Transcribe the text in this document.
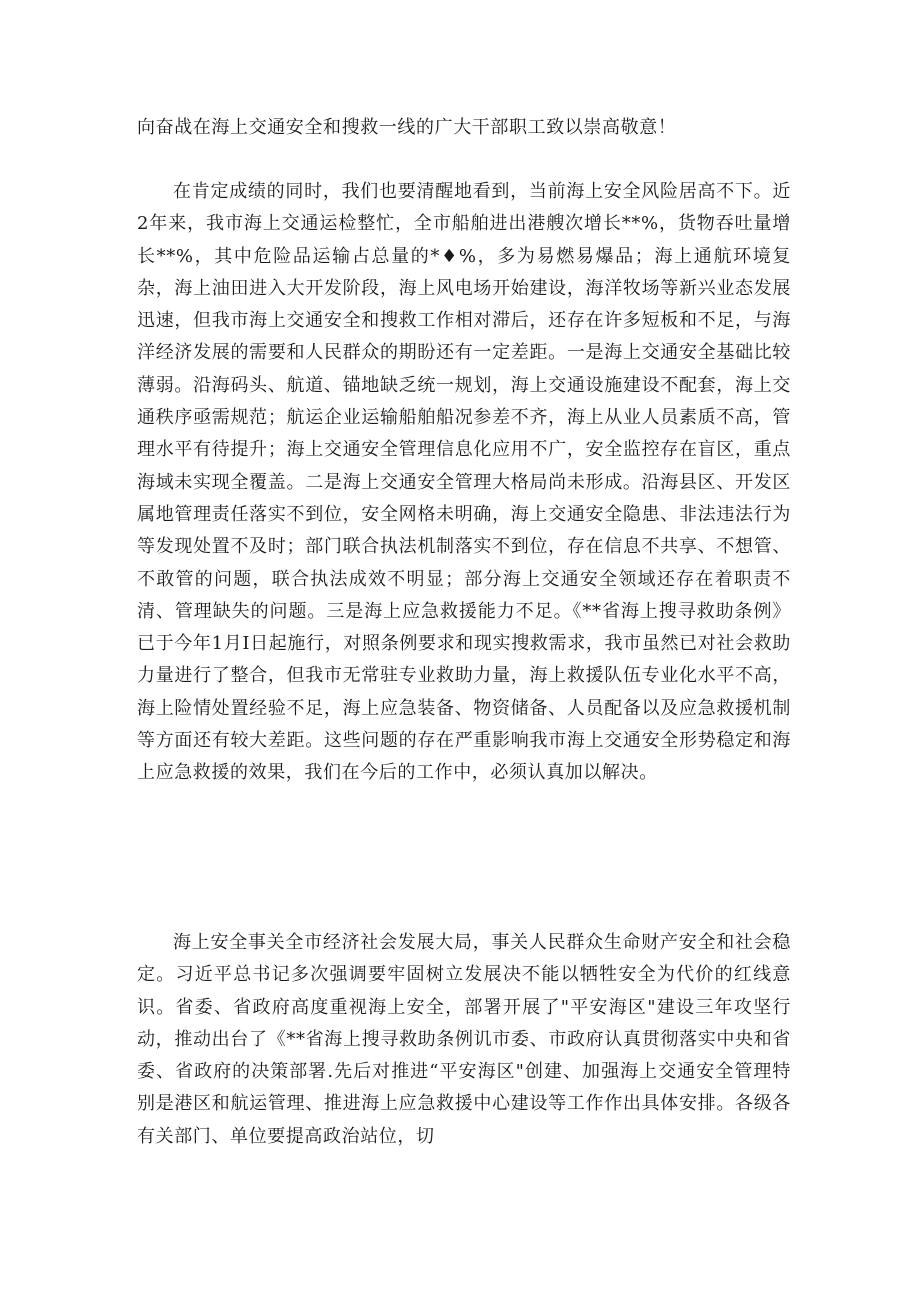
向奋战在海上交通安全和搜救一线的广大干部职工致以崇高敬意！

在肯定成绩的同时，我们也要清醒地看到，当前海上安全风险居高不下。近2年来，我市海上交通运检整忙，全市船舶进出港艘次增长**%，货物吞吐量增长**%，其中危险品运输占总量的*♦%，多为易燃易爆品；海上通航环境复杂，海上油田进入大开发阶段，海上风电场开始建设，海洋牧场等新兴业态发展迅速，但我市海上交通安全和搜救工作相对滞后，还存在许多短板和不足，与海洋经济发展的需要和人民群众的期盼还有一定差距。一是海上交通安全基础比较薄弱。沿海码头、航道、锚地缺乏统一规划，海上交通设施建设不配套，海上交通秩序亟需规范；航运企业运输船舶船况参差不齐，海上从业人员素质不高，管理水平有待提升；海上交通安全管理信息化应用不广，安全监控存在盲区，重点海域未实现全覆盖。二是海上交通安全管理大格局尚未形成。沿海县区、开发区属地管理责任落实不到位，安全网格未明确，海上交通安全隐患、非法违法行为等发现处置不及时；部门联合执法机制落实不到位，存在信息不共享、不想管、不敢管的问题，联合执法成效不明显；部分海上交通安全领域还存在着职责不清、管理缺失的问题。三是海上应急救援能力不足。《**省海上搜寻救助条例》已于今年1月I日起施行，对照条例要求和现实搜救需求，我市虽然已对社会救助力量进行了整合，但我市无常驻专业救助力量，海上救援队伍专业化水平不高，海上险情处置经验不足，海上应急装备、物资储备、人员配备以及应急救援机制等方面还有较大差距。这些问题的存在严重影响我市海上交通安全形势稳定和海上应急救援的效果，我们在今后的工作中，必须认真加以解决。

海上安全事关全市经济社会发展大局，事关人民群众生命财产安全和社会稳定。习近平总书记多次强调要牢固树立发展决不能以牺牲安全为代价的红线意识。省委、省政府高度重视海上安全，部署开展了"平安海区"建设三年攻坚行动，推动出台了《**省海上搜寻救助条例讥市委、市政府认真贯彻落实中央和省委、省政府的决策部署.先后对推进“平安海区"创建、加强海上交通安全管理特别是港区和航运管理、推进海上应急救援中心建设等工作作出具体安排。各级各有关部门、单位要提高政治站位，切
